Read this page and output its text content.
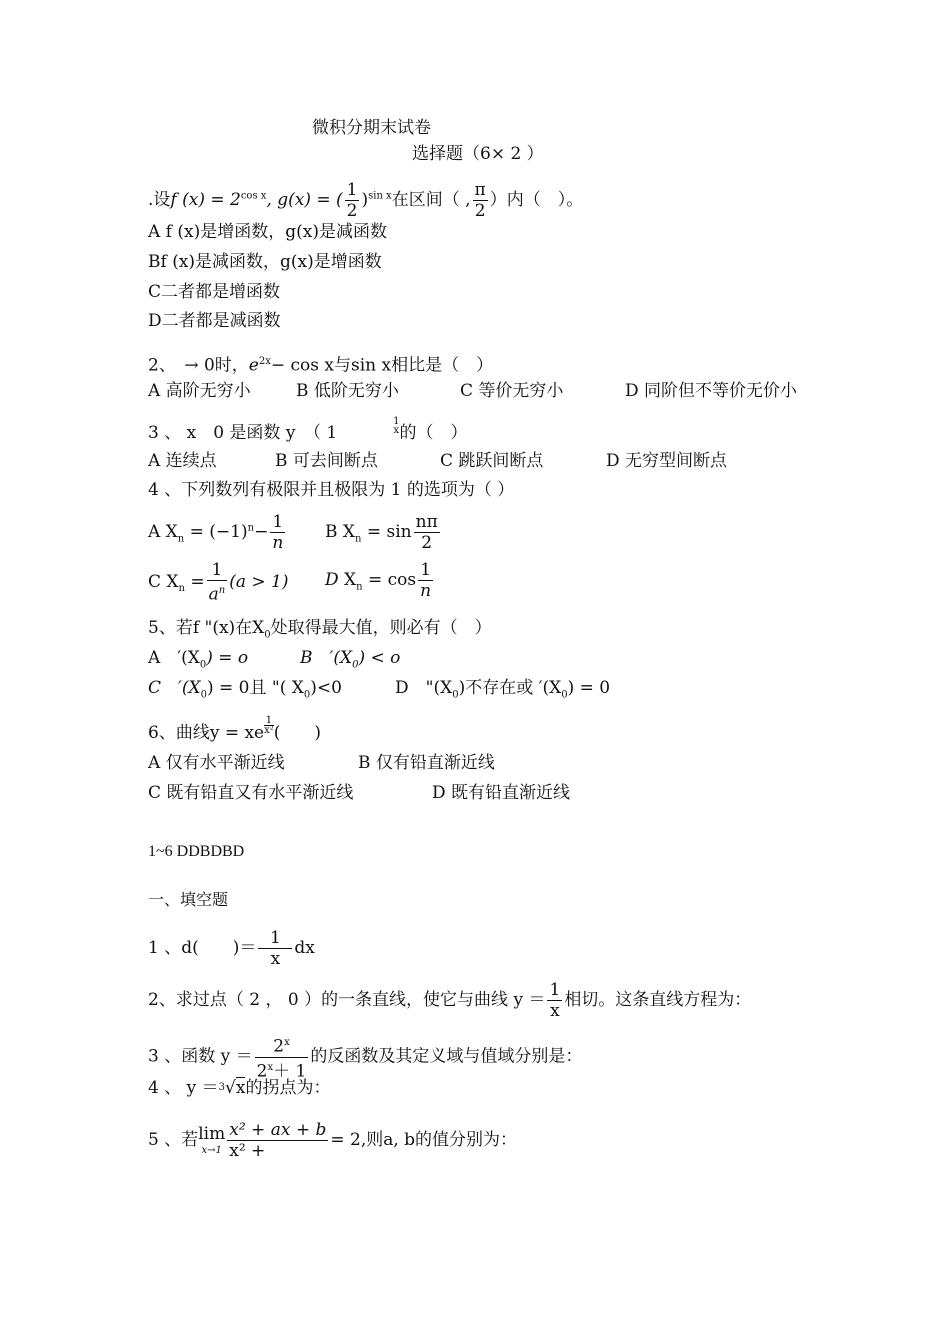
微积分期末试卷
选择题（6× 2 ）
.设f $(x) = 2^{cos x}$, g(x) = ( $\frac{1}{2} )^{sin x}$在区间（ , $\frac{\pi}{2}$ ）内（　）。
A f (x)是增函数，g(x)是减函数
Bf (x)是减函数，g(x)是增函数
C二者都是增函数
D二者都是减函数
2、　→ 0时，$e^{2x}- \cos x$与sin x相比是（　）
A 高阶无穷小	B 低阶无穷小	C 等价无穷小	D 同阶但不等价无价小
3 、 x　0 是函数 y　（ 1
1
x 的（　）
A 连续点	B 可去间断点	C 跳跃间断点	D 无穷型间断点
4 、下列数列有极限并且极限为 1 的选项为（ ）
A $X_n = (-1)^n- \frac{1}{n}$ B $X_n = \sin \frac{n\pi}{2}$
C $X_n = \frac{1}{a^n} (a > 1)$ D $X_n = \cos \frac{1}{n}$
5、若f "(x)在$X_0$处取得最大值，则必有（　）
A　$'(X_0) = o$	B　$'(X_0) < o$
C　$'(X_0) = 0$且 "( $X_0)<0$	D　"$(X_0)$不存在或 $'(X_0) = 0$
6、曲线y = xe $\frac{1}{\text{x²}}$ (　　)
A 仅有水平渐近线	B 仅有铅直渐近线
C 既有铅直又有水平渐近线	D 既有铅直渐近线
1~6 DDBDBD
一、填空题
1 、d(　　)＝ $\frac{1}{x}$ dx
2、求过点（ 2 ， 0 ）的一条直线，使它与曲线 $y = \frac{1}{x}$ 相切。这条直线方程为：
3 、函数 $y = \frac{2^x}{2^x+ 1}$ 的反函数及其定义域与值域分别是：
4 、 y ＝$^3$√x的拐点为：
5 、若 lim
$x\to 1 \frac{\text{x² + ax + b}}{\text{x² +}} = 2$,则a, b的值分别为：
